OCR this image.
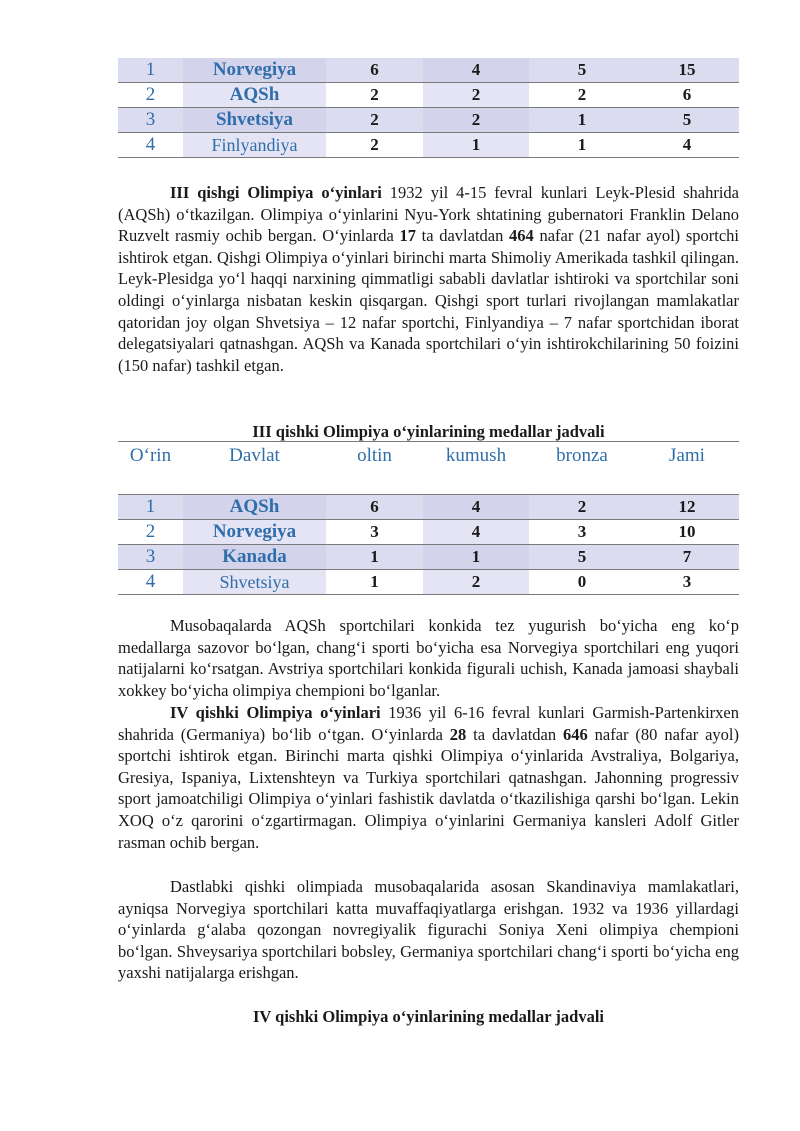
1	Norvegiya	6	4	5	15
2	AQSh	2	2	2	6
3	Shvetsiya	2	2	1	5
4	Finlyandiya	2	1	1	4

III qishgi Olimpiya oʻyinlari 1932 yil 4-15 fevral kunlari Leyk-Plesid shahrida (AQSh) oʻtkazilgan. Olimpiya oʻyinlarini Nyu-York shtatining gubernatori Franklin Delano Ruzvelt rasmiy ochib bergan. Oʻyinlarda 17 ta davlatdan 464 nafar (21 nafar ayol) sportchi ishtirok etgan. Qishgi Olimpiya oʻyinlari birinchi marta Shimoliy Amerikada tashkil qilingan. Leyk-Plesidga yoʻl haqqi narxining qimmatligi sababli davlatlar ishtiroki va sportchilar soni oldingi oʻyinlarga nisbatan keskin qisqargan. Qishgi sport turlari rivojlangan mamlakatlar qatoridan joy olgan Shvetsiya – 12 nafar sportchi, Finlyandiya – 7 nafar sportchidan iborat delegatsiyalari qatnashgan. AQSh va Kanada sportchilari oʻyin ishtirokchilarining 50 foizini (150 nafar) tashkil etgan.

III qishki Olimpiya oʻyinlarining medallar jadvali

Oʻrin	Davlat	oltin	kumush	bronza	Jami
1	AQSh	6	4	2	12
2	Norvegiya	3	4	3	10
3	Kanada	1	1	5	7
4	Shvetsiya	1	2	0	3

Musobaqalarda AQSh sportchilari konkida tez yugurish boʻyicha eng koʻp medallarga sazovor boʻlgan, changʻi sporti boʻyicha esa Norvegiya sportchilari eng yuqori natijalarni koʻrsatgan. Avstriya sportchilari konkida figurali uchish, Kanada jamoasi shaybali xokkey boʻyicha olimpiya chempioni boʻlganlar.

IV qishki Olimpiya oʻyinlari 1936 yil 6-16 fevral kunlari Garmish-Partenkirxen shahrida (Germaniya) boʻlib oʻtgan. Oʻyinlarda 28 ta davlatdan 646 nafar (80 nafar ayol) sportchi ishtirok etgan. Birinchi marta qishki Olimpiya oʻyinlarida Avstraliya, Bolgariya, Gresiya, Ispaniya, Lixtenshteyn va Turkiya sportchilari qatnashgan. Jahonning progressiv sport jamoatchiligi Olimpiya oʻyinlari fashistik davlatda oʻtkazilishiga qarshi boʻlgan. Lekin XOQ oʻz qarorini oʻzgartirmagan. Olimpiya oʻyinlarini Germaniya kansleri Adolf Gitler rasman ochib bergan.

Dastlabki qishki olimpiada musobaqalarida asosan Skandinaviya mamlakatlari, ayniqsa Norvegiya sportchilari katta muvaffaqiyatlarga erishgan. 1932 va 1936 yillardagi oʻyinlarda gʻalaba qozongan novregiyalik figurachi Soniya Xeni olimpiya chempioni boʻlgan. Shveysariya sportchilari bobsley, Germaniya sportchilari changʻi sporti boʻyicha eng yaxshi natijalarga erishgan.

IV qishki Olimpiya oʻyinlarining medallar jadvali
